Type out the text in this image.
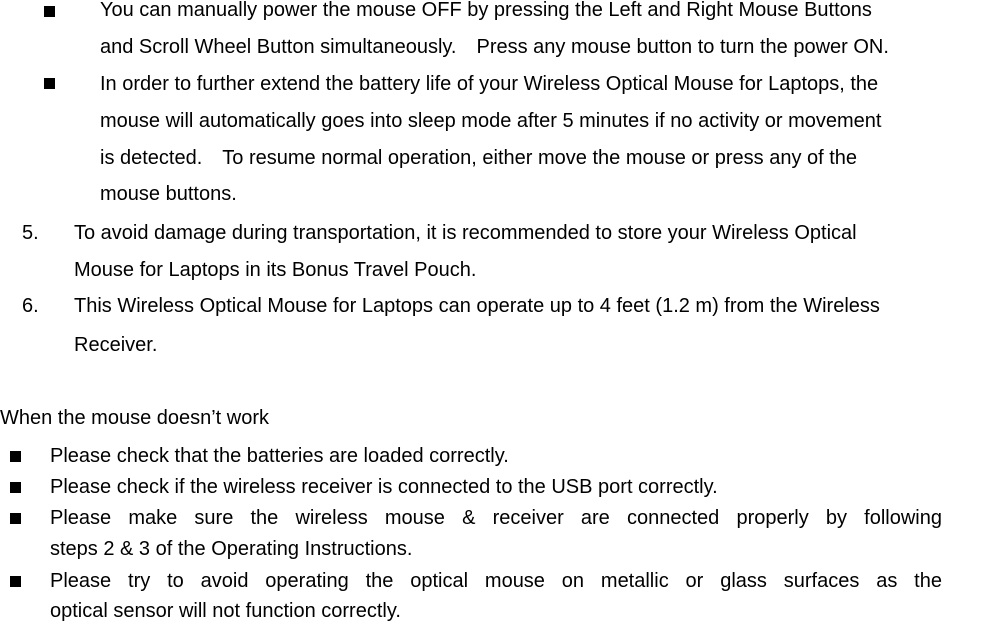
You can manually power the mouse OFF by pressing the Left and Right Mouse Buttons
and Scroll Wheel Button simultaneously.　Press any mouse button to turn the power ON.
In order to further extend the battery life of your Wireless Optical Mouse for Laptops, the
mouse will automatically goes into sleep mode after 5 minutes if no activity or movement
is detected.　To resume normal operation, either move the mouse or press any of the
mouse buttons.
5. To avoid damage during transportation, it is recommended to store your Wireless Optical
Mouse for Laptops in its Bonus Travel Pouch.
6. This Wireless Optical Mouse for Laptops can operate up to 4 feet (1.2 m) from the Wireless
Receiver.
When the mouse doesn’t work
Please check that the batteries are loaded correctly.
Please check if the wireless receiver is connected to the USB port correctly.
Please make sure the wireless mouse & receiver are connected properly by following
steps 2 & 3 of the Operating Instructions.
Please try to avoid operating the optical mouse on metallic or glass surfaces as the
optical sensor will not function correctly.
